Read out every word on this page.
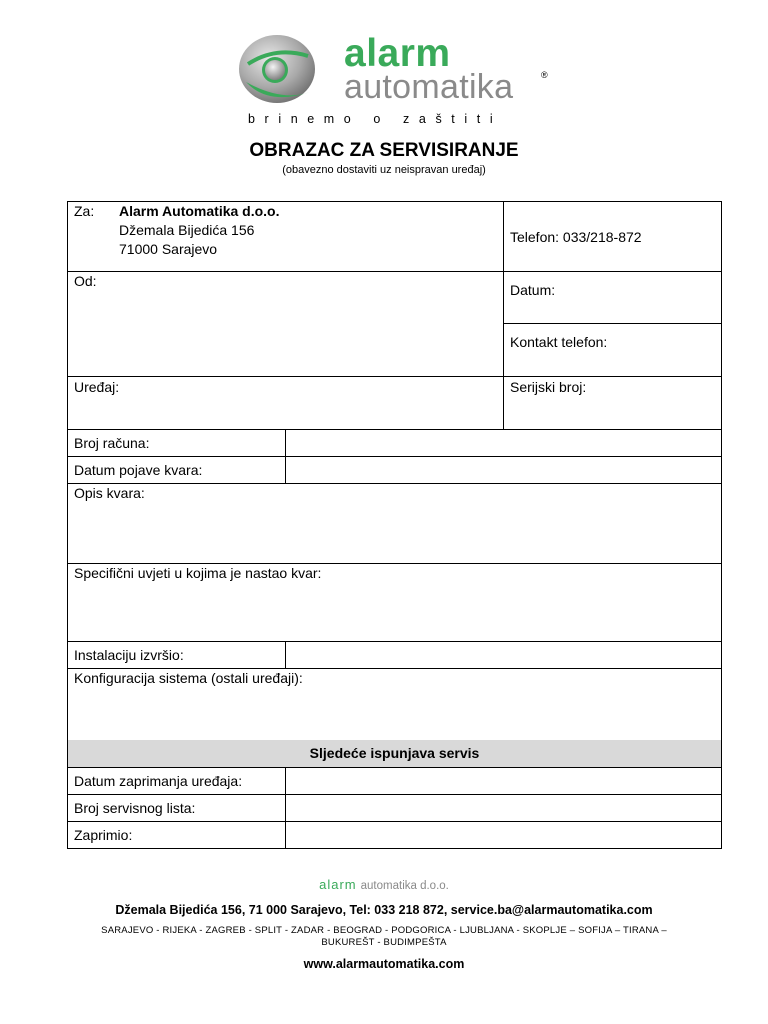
alarm
automatika	®
brinemo o zaštiti
OBRAZAC ZA SERVISIRANJE
(obavezno dostaviti uz neispravan uređaj)
Za: Alarm Automatika d.o.o.
Džemala Bijedića 156
71000 Sarajevo
Telefon: 033/218-872
Od:
Datum:
Kontakt telefon:
Uređaj:	Serijski broj:
Broj računa:
Datum pojave kvara:
Opis kvara:
Specifični uvjeti u kojima je nastao kvar:
Instalaciju izvršio:
Konfiguracija sistema (ostali uređaji):
Sljedeće ispunjava servis
Datum zaprimanja uređaja:
Broj servisnog lista:
Zaprimio:
alarm automatika d.o.o.
Džemala Bijedića 156, 71 000 Sarajevo, Tel: 033 218 872, service.ba@alarmautomatika.com
SARAJEVO - RIJEKA - ZAGREB - SPLIT - ZADAR - BEOGRAD - PODGORICA - LJUBLJANA - SKOPLJE – SOFIJA – TIRANA – BUKUREŠT - BUDIMPEŠTA
www.alarmautomatika.com
